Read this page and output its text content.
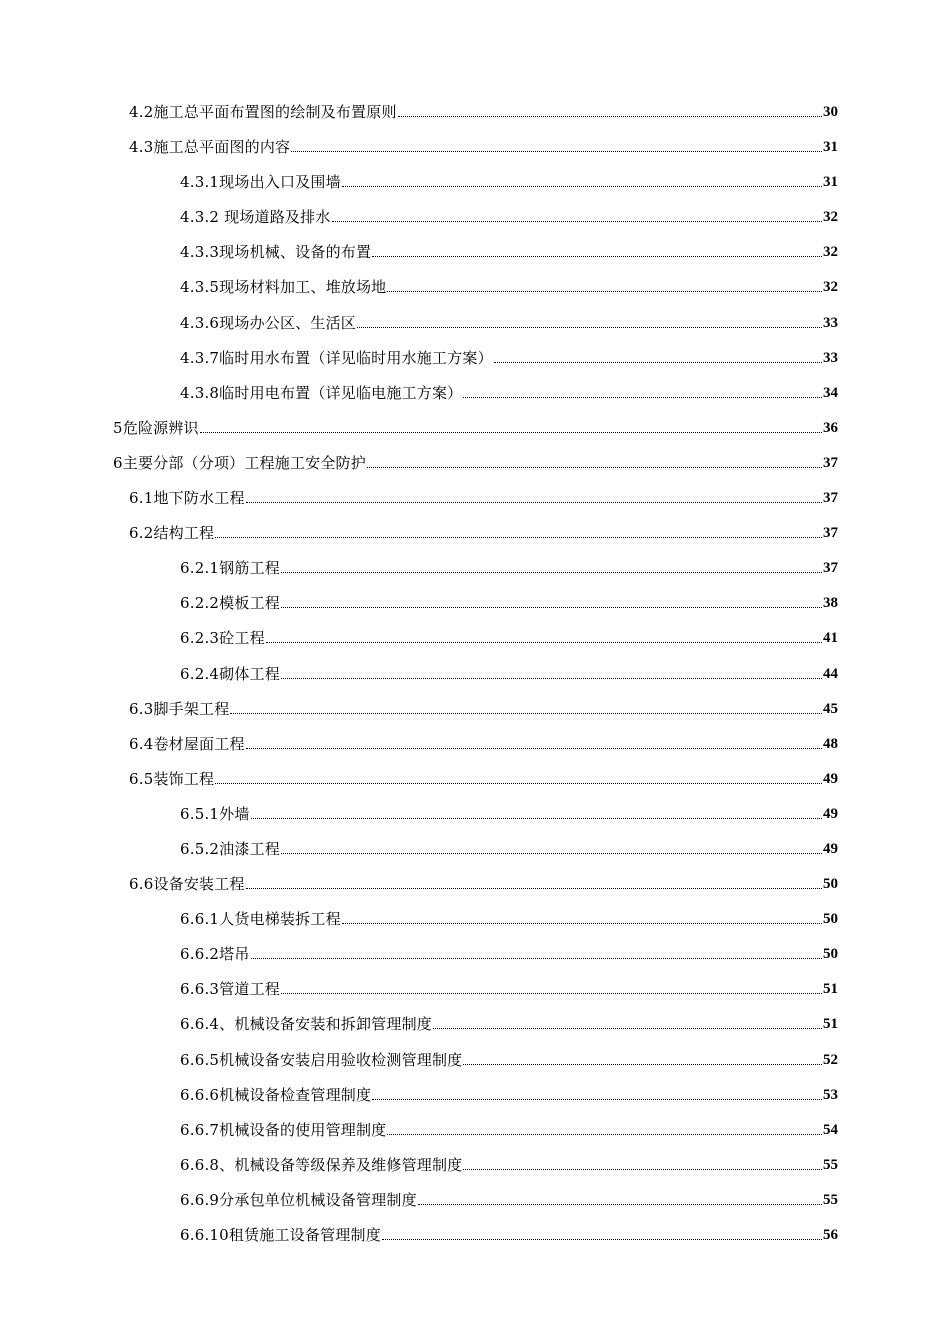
4.2施工总平面布置图的绘制及布置原则	30
4.3施工总平面图的内容	31
4.3.1现场出入口及围墙	31
4.3.2 现场道路及排水	32
4.3.3现场机械、设备的布置	32
4.3.5现场材料加工、堆放场地	32
4.3.6现场办公区、生活区	33
4.3.7临时用水布置（详见临时用水施工方案）	33
4.3.8临时用电布置（详见临电施工方案）	34
5危险源辨识	36
6主要分部（分项）工程施工安全防护	37
6.1地下防水工程	37
6.2结构工程	37
6.2.1钢筋工程	37
6.2.2模板工程	38
6.2.3砼工程	41
6.2.4砌体工程	44
6.3脚手架工程	45
6.4卷材屋面工程	48
6.5装饰工程	49
6.5.1外墙	49
6.5.2油漆工程	49
6.6设备安装工程	50
6.6.1人货电梯装拆工程	50
6.6.2塔吊	50
6.6.3管道工程	51
6.6.4、机械设备安装和拆卸管理制度	51
6.6.5机械设备安装启用验收检测管理制度	52
6.6.6机械设备检查管理制度	53
6.6.7机械设备的使用管理制度	54
6.6.8、机械设备等级保养及维修管理制度	55
6.6.9分承包单位机械设备管理制度	55
6.6.10租赁施工设备管理制度	56
